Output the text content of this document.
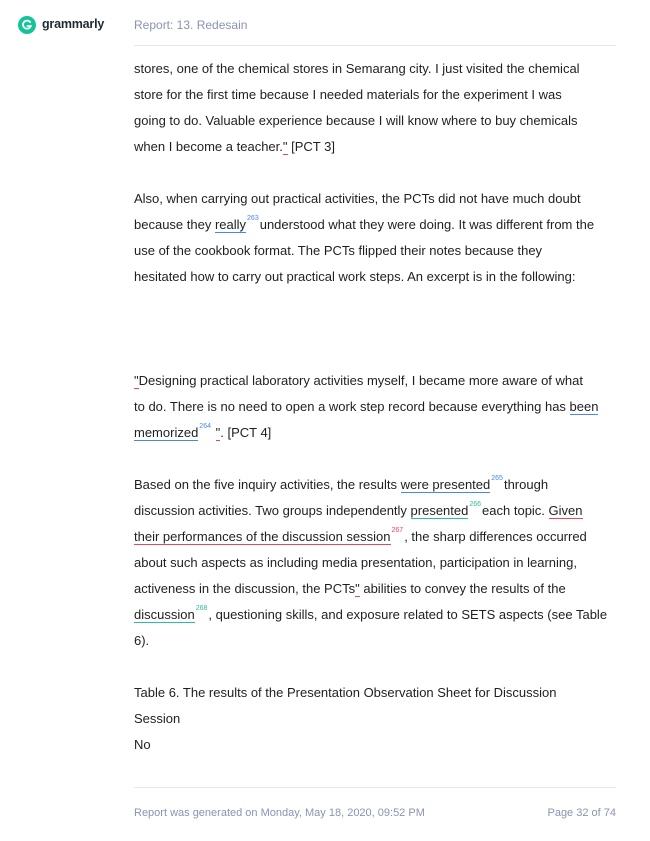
grammarly Report: 13. Redesain
stores, one of the chemical stores in Semarang city. I just visited the chemical
store for the first time because I needed materials for the experiment I was
going to do. Valuable experience because I will know where to buy chemicals
when I become a teacher." [PCT 3]
Also, when carrying out practical activities, the PCTs did not have much doubt
because they really$^{263}$understood what they were doing. It was different from the
use of the cookbook format. The PCTs flipped their notes because they
hesitated how to carry out practical work steps. An excerpt is in the following:
"Designing practical laboratory activities myself, I became more aware of what
to do. There is no need to open a work step record because everything has been
memorized$^{264}$ ". [PCT 4]
Based on the five inquiry activities, the results were presented$^{265}$through
discussion activities. Two groups independently presented$^{266}$each topic. Given
their performances of the discussion session$^{267}$, the sharp differences occurred
about such aspects as including media presentation, participation in learning,
activeness in the discussion, the PCTs" abilities to convey the results of the
discussion$^{268}$, questioning skills, and exposure related to SETS aspects (see Table
6).
Table 6. The results of the Presentation Observation Sheet for Discussion
Session
No
Report was generated on Monday, May 18, 2020, 09:52 PM	Page 32 of 74
